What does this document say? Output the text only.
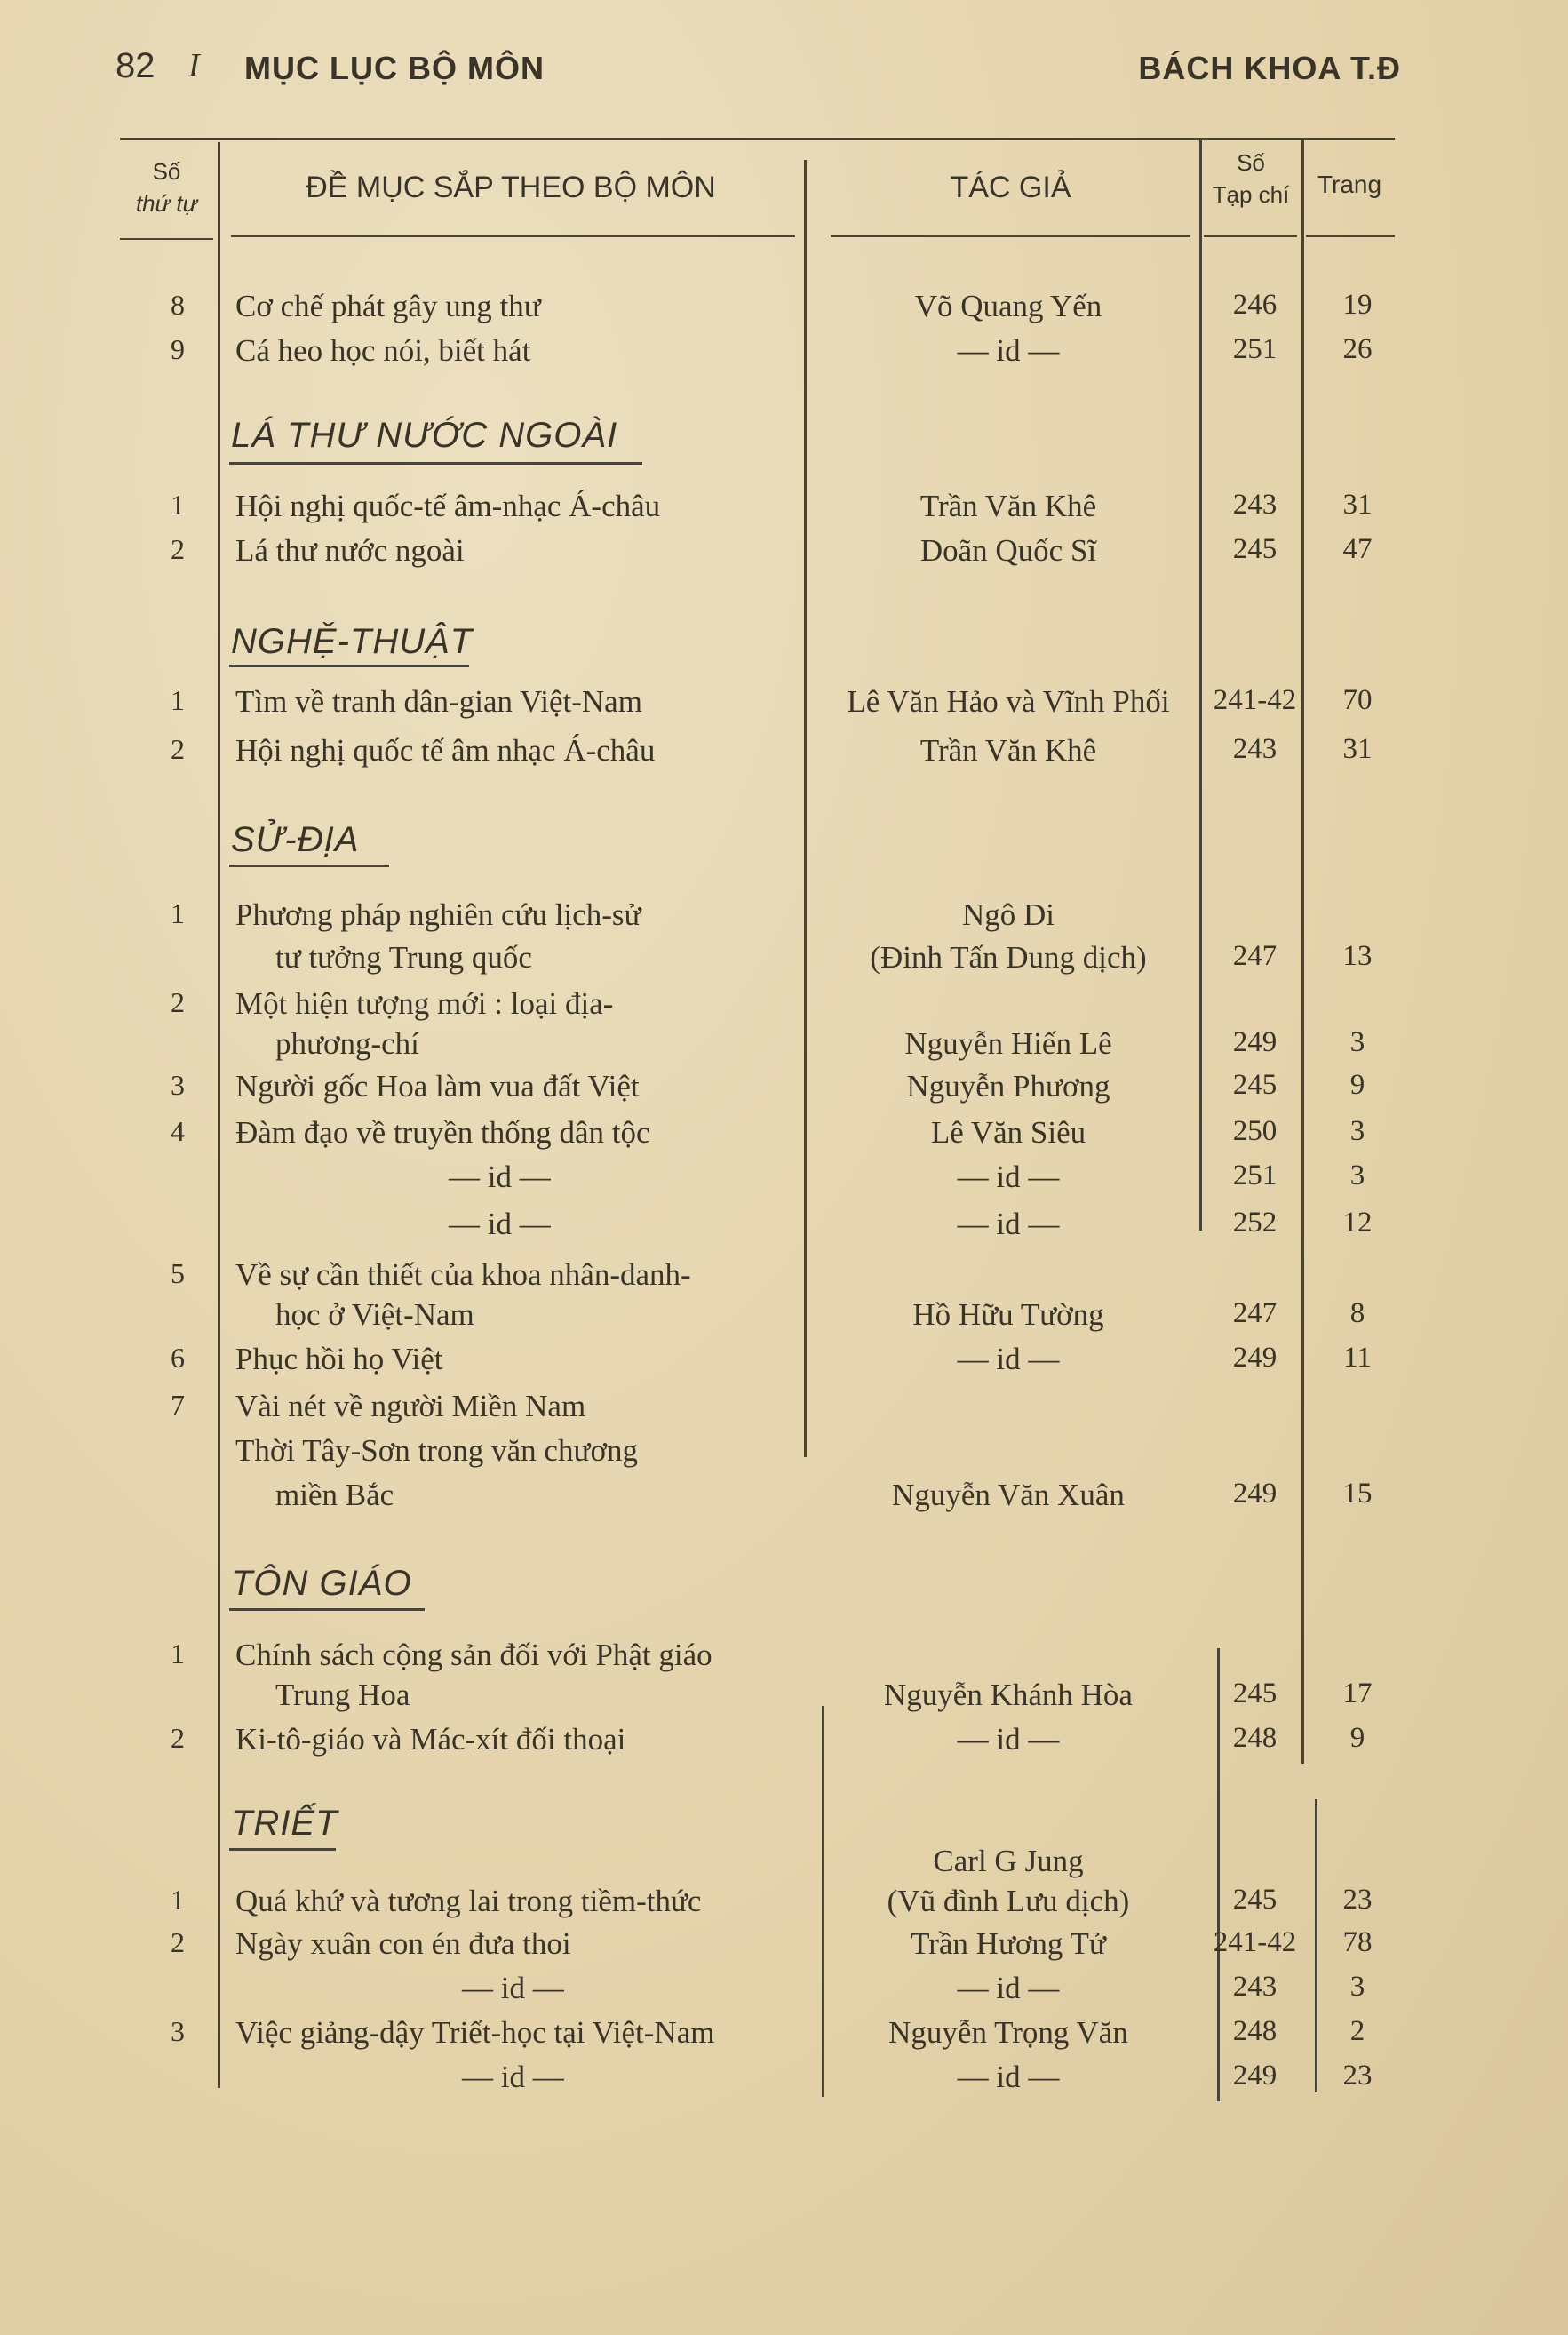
82 I MỤC LỤC BỘ MÔN	BÁCH KHOA T.Đ
Số
thứ tự	ĐỀ MỤC SẮP THEO BỘ MÔN	TÁC GIẢ
Số
Tạp chí	Trang
LÁ THƯ NƯỚC NGOÀI
NGHỆ-THUẬT
SỬ-ĐỊA
TÔN GIÁO
TRIẾT
8	Cơ chế phát gây ung thư	Võ Quang Yến	246	19
9	Cá heo học nói, biết hát	— id —	251	26
1	Hội nghị quốc-tế âm-nhạc Á-châu	Trần Văn Khê	243	31
2	Lá thư nước ngoài	Doãn Quốc Sĩ	245	47
1	Tìm về tranh dân-gian Việt-Nam	Lê Văn Hảo và Vĩnh Phối	241-42	70
2	Hội nghị quốc tế âm nhạc Á-châu	Trần Văn Khê	243	31
1	Phương pháp nghiên cứu lịch-sử	Ngô Di
tư tưởng Trung quốc	(Đinh Tấn Dung dịch)	247	13
2	Một hiện tượng mới : loại địa-
phương-chí	Nguyễn Hiến Lê	249	3
3	Người gốc Hoa làm vua đất Việt	Nguyễn Phương	245	9
4	Đàm đạo về truyền thống dân tộc	Lê Văn Siêu	250	3
— id —	— id —	251	3
— id —	— id —	252	12
5	Về sự cần thiết của khoa nhân-danh-
học ở Việt-Nam	Hồ Hữu Tường	247	8
6	Phục hồi họ Việt	— id —	249	11
7	Vài nét về người Miền Nam
Thời Tây-Sơn trong văn chương
miền Bắc	Nguyễn Văn Xuân	249	15
1	Chính sách cộng sản đối với Phật giáo
Trung Hoa	Nguyễn Khánh Hòa	245	17
2	Ki-tô-giáo và Mác-xít đối thoại	— id —	248	9
Carl G Jung
1	Quá khứ và tương lai trong tiềm-thức	(Vũ đình Lưu dịch)	245	23
2	Ngày xuân con én đưa thoi	Trần Hương Tử	241-42	78
— id —	— id —	243	3
3	Việc giảng-dậy Triết-học tại Việt-Nam	Nguyễn Trọng Văn	248	2
— id —	— id —	249	23
